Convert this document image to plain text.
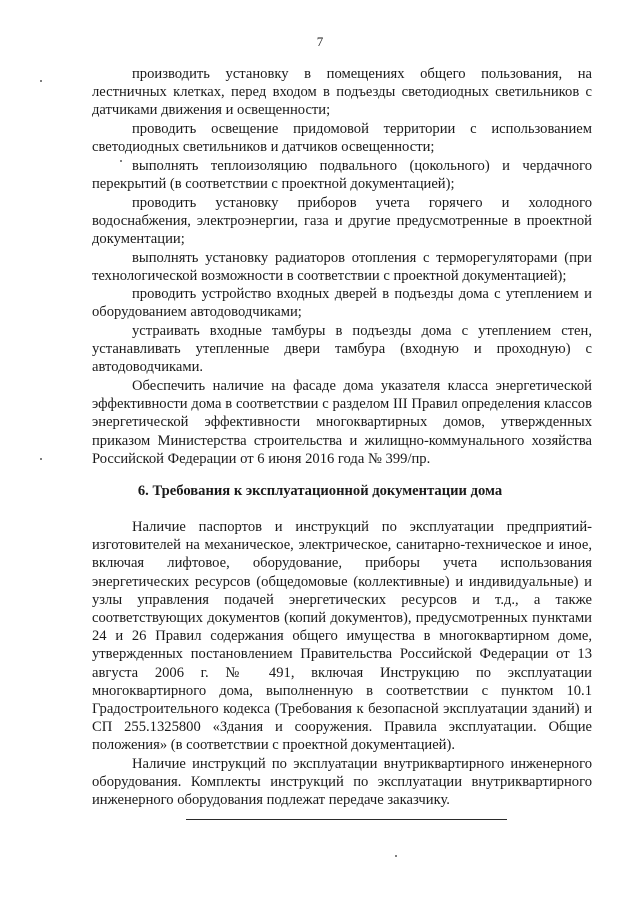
7

производить установку в помещениях общего пользования, на лестничных клетках, перед входом в подъезды светодиодных светильников с датчиками движения и освещенности;

проводить освещение придомовой территории с использованием светодиодных светильников и датчиков освещенности;

выполнять теплоизоляцию подвального (цокольного) и чердачного перекрытий (в соответствии с проектной документацией);

проводить установку приборов учета горячего и холодного водоснабжения, электроэнергии, газа и другие предусмотренные в проектной документации;

выполнять установку радиаторов отопления с терморегуляторами (при технологической возможности в соответствии с проектной документацией);

проводить устройство входных дверей в подъезды дома с утеплением и оборудованием автодоводчиками;

устраивать входные тамбуры в подъезды дома с утеплением стен, устанавливать утепленные двери тамбура (входную и проходную) с автодоводчиками.

Обеспечить наличие на фасаде дома указателя класса энергетической эффективности дома в соответствии с разделом III Правил определения классов энергетической эффективности многоквартирных домов, утвержденных приказом Министерства строительства и жилищно-коммунального хозяйства Российской Федерации от 6 июня 2016 года № 399/пр.

6. Требования к эксплуатационной документации дома

Наличие паспортов и инструкций по эксплуатации предприятий-изготовителей на механическое, электрическое, санитарно-техническое и иное, включая лифтовое, оборудование, приборы учета использования энергетических ресурсов (общедомовые (коллективные) и индивидуальные) и узлы управления подачей энергетических ресурсов и т.д., а также соответствующих документов (копий документов), предусмотренных пунктами 24 и 26 Правил содержания общего имущества в многоквартирном доме, утвержденных постановлением Правительства Российской Федерации от 13 августа 2006 г. № 491, включая Инструкцию по эксплуатации многоквартирного дома, выполненную в соответствии с пунктом 10.1 Градостроительного кодекса (Требования к безопасной эксплуатации зданий) и СП 255.1325800 «Здания и сооружения. Правила эксплуатации. Общие положения» (в соответствии с проектной документацией).

Наличие инструкций по эксплуатации внутриквартирного инженерного оборудования. Комплекты инструкций по эксплуатации внутриквартирного инженерного оборудования подлежат передаче заказчику.
